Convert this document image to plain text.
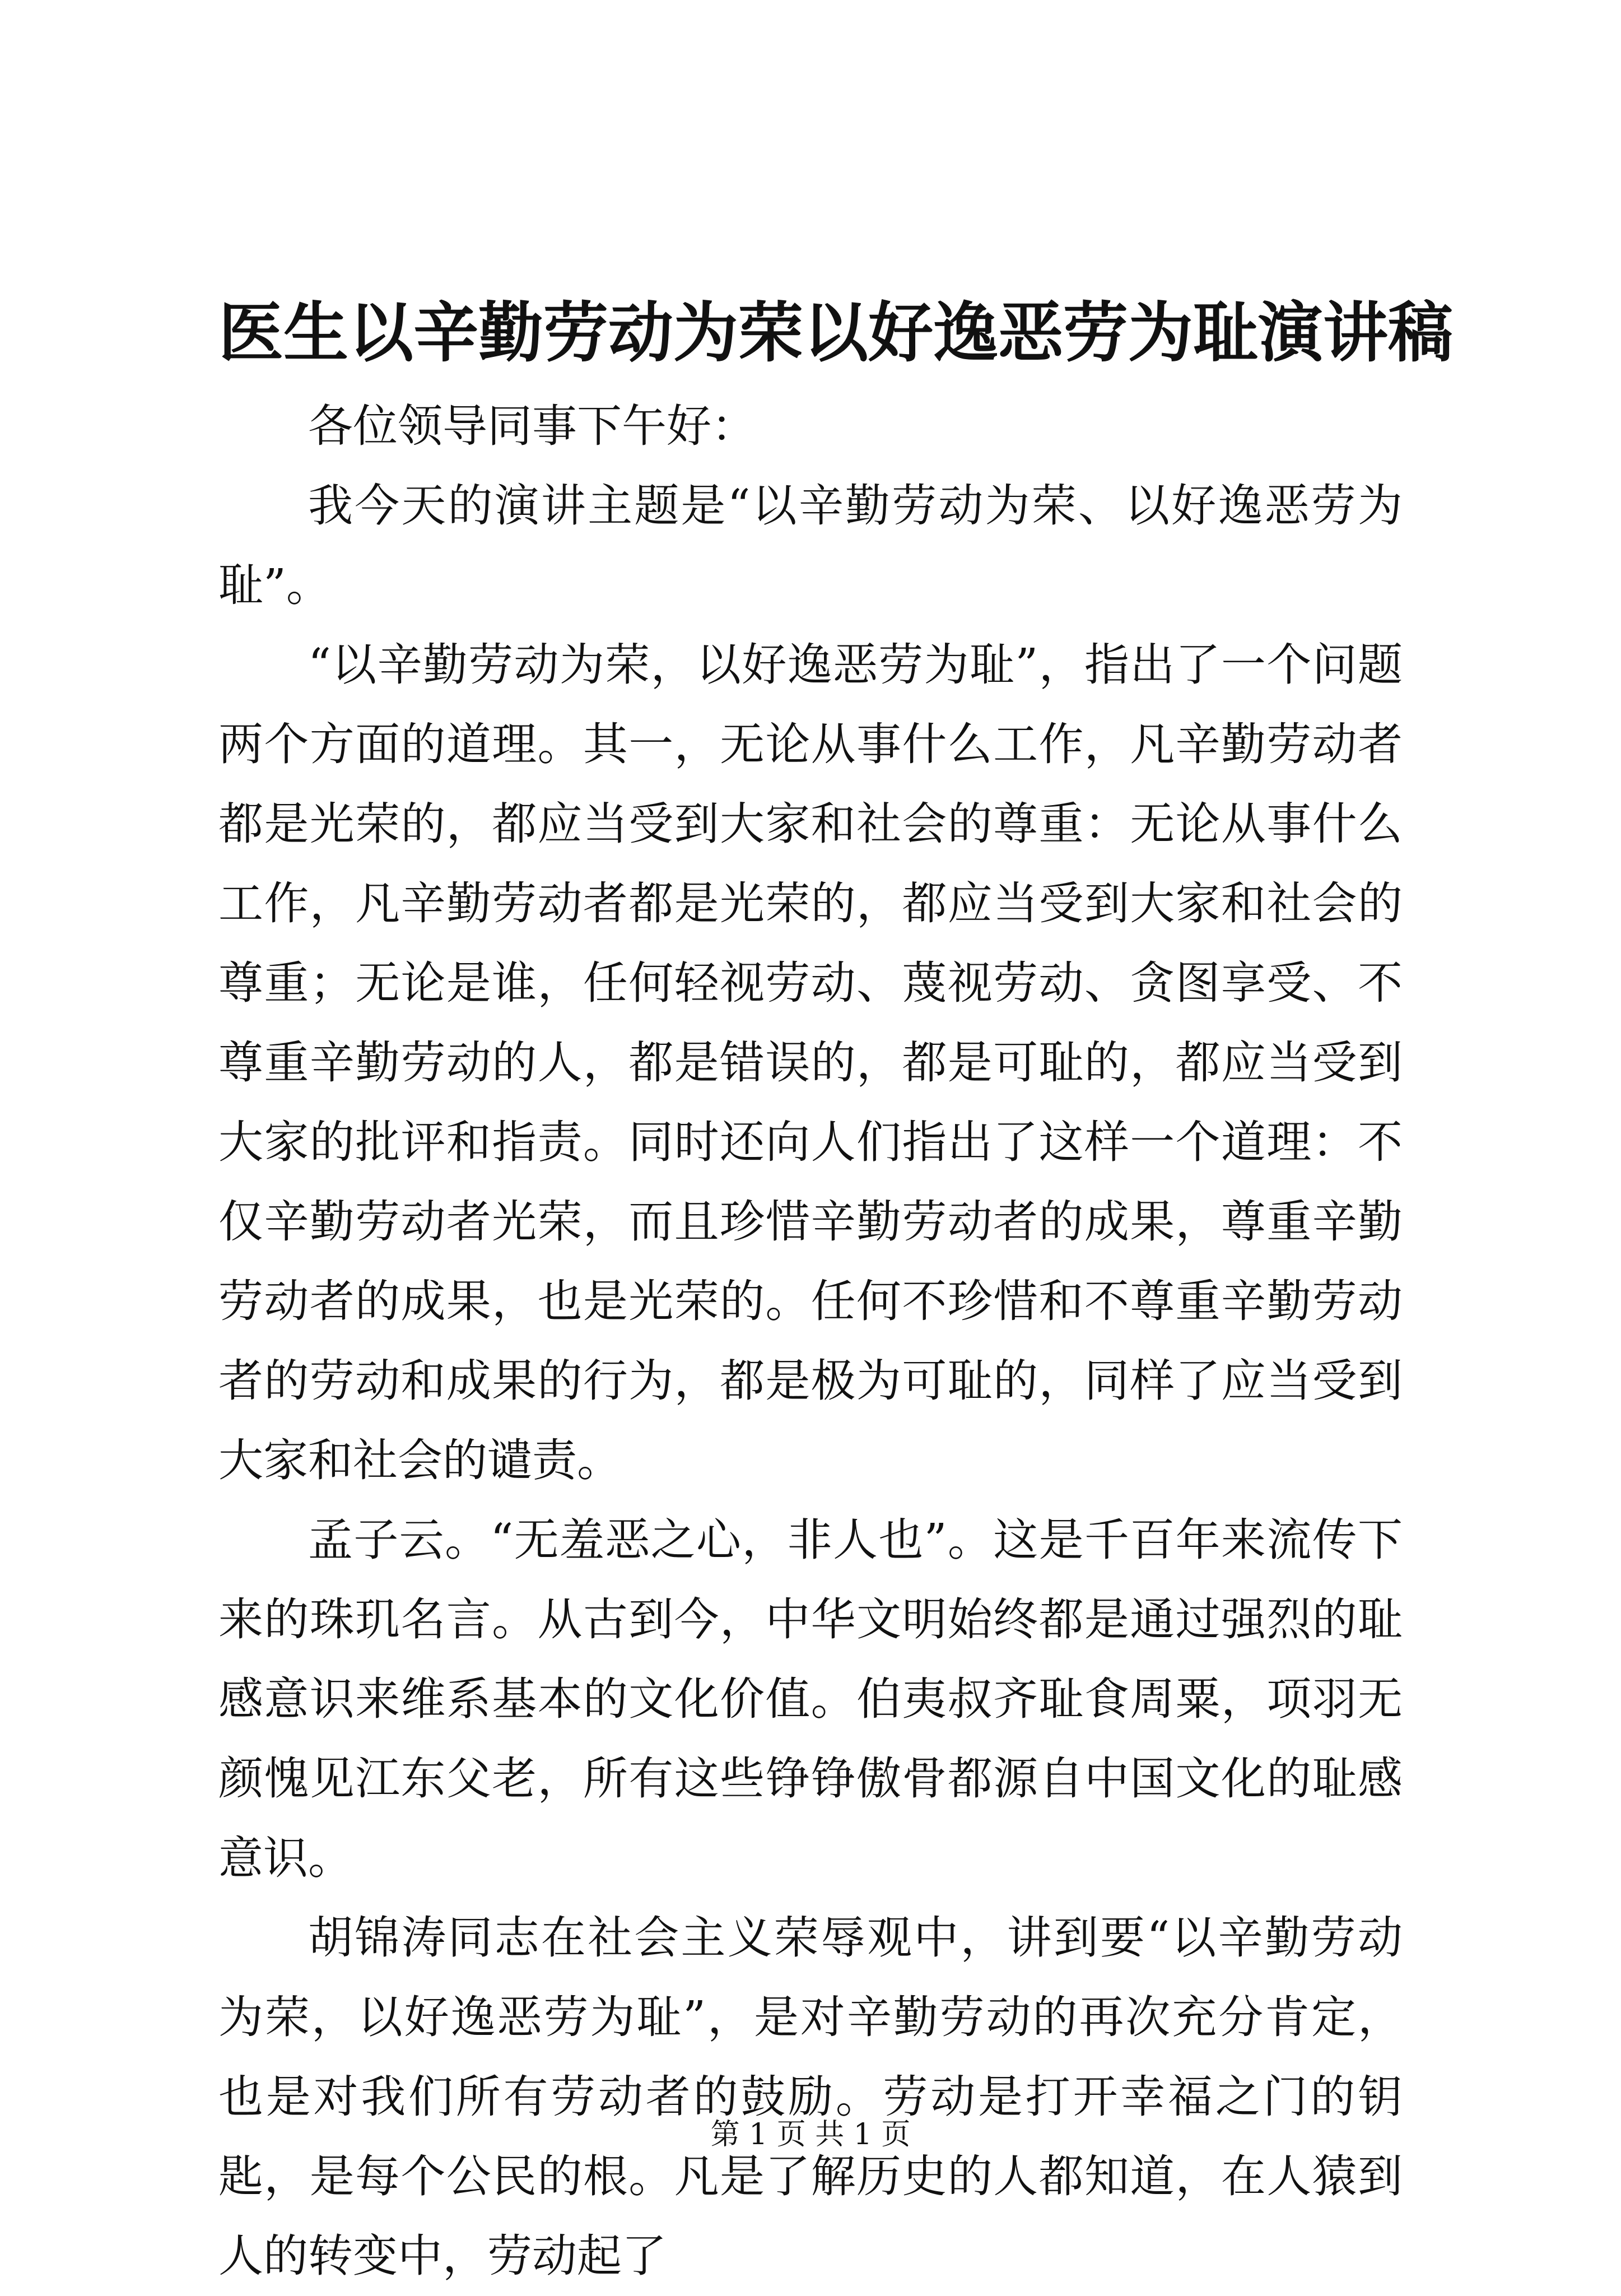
医生以辛勤劳动为荣以好逸恶劳为耻演讲稿

各位领导同事下午好：

我今天的演讲主题是“以辛勤劳动为荣、以好逸恶劳为耻”。

“以辛勤劳动为荣，以好逸恶劳为耻”，指出了一个问题两个方面的道理。其一，无论从事什么工作，凡辛勤劳动者都是光荣的，都应当受到大家和社会的尊重：无论从事什么工作，凡辛勤劳动者都是光荣的，都应当受到大家和社会的尊重；无论是谁，任何轻视劳动、蔑视劳动、贪图享受、不尊重辛勤劳动的人，都是错误的，都是可耻的，都应当受到大家的批评和指责。同时还向人们指出了这样一个道理：不仅辛勤劳动者光荣，而且珍惜辛勤劳动者的成果，尊重辛勤劳动者的成果，也是光荣的。任何不珍惜和不尊重辛勤劳动者的劳动和成果的行为，都是极为可耻的，同样了应当受到大家和社会的谴责。

孟子云。“无羞恶之心，非人也”。这是千百年来流传下来的珠玑名言。从古到今，中华文明始终都是通过强烈的耻感意识来维系基本的文化价值。伯夷叔齐耻食周粟，项羽无颜愧见江东父老，所有这些铮铮傲骨都源自中国文化的耻感意识。

胡锦涛同志在社会主义荣辱观中，讲到要“以辛勤劳动为荣，以好逸恶劳为耻”，是对辛勤劳动的再次充分肯定，也是对我们所有劳动者的鼓励。劳动是打开幸福之门的钥匙，是每个公民的根。凡是了解历史的人都知道，在人猿到人的转变中，劳动起了

第 1 页 共 1 页
